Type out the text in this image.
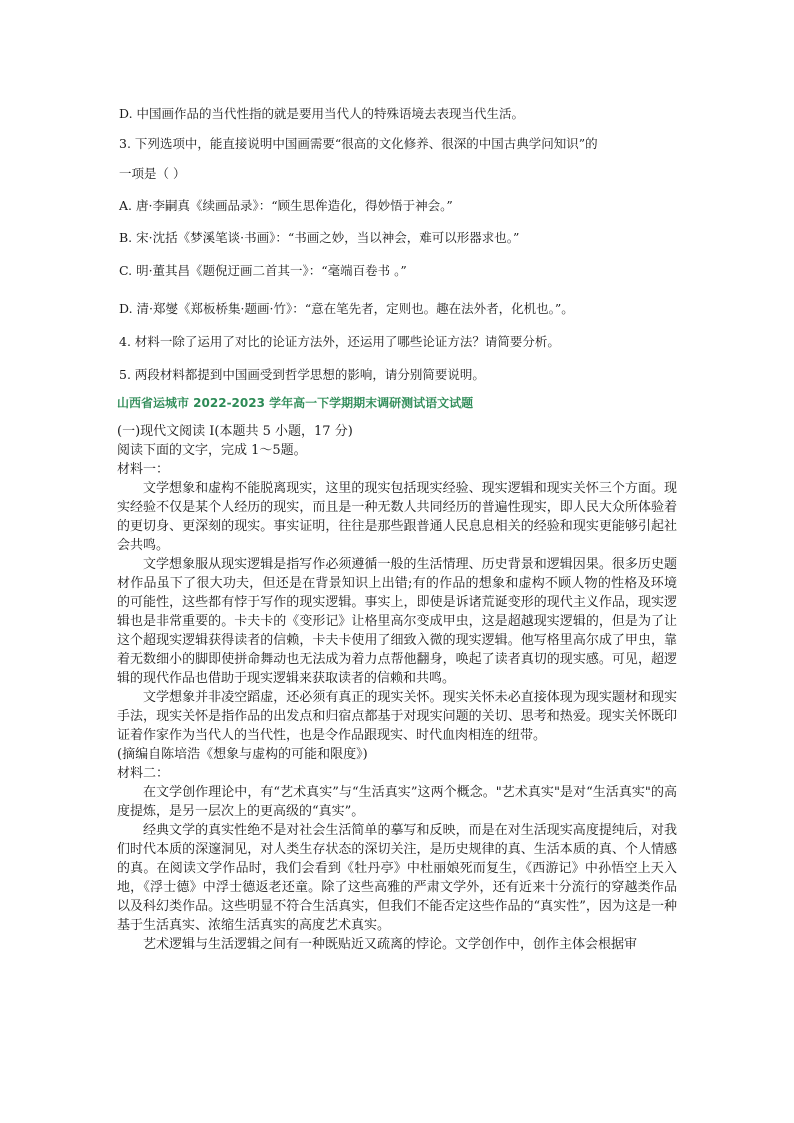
D. 中国画作品的当代性指的就是要用当代人的特殊语境去表现当代生活。

3. 下列选项中，能直接说明中国画需要“很高的文化修养、很深的中国古典学问知识”的

一项是（ ）

A. 唐·李嗣真《续画品录》：“顾生思侔造化，得妙悟于神会。”

B. 宋·沈括《梦溪笔谈·书画》：“书画之妙，当以神会，难可以形器求也。”

C. 明·董其昌《题倪迂画二首其一》：“毫端百卷书 。”

D. 清·郑燮《郑板桥集·题画·竹》：“意在笔先者，定则也。趣在法外者，化机也。”。

4. 材料一除了运用了对比的论证方法外，还运用了哪些论证方法？请简要分析。

5. 两段材料都提到中国画受到哲学思想的影响，请分别简要说明。

山西省运城市 2022-2023 学年高一下学期期末调研测试语文试题

(一)现代文阅读 I(本题共 5 小题，17 分)

阅读下面的文字，完成 1～5题。

材料一：

文学想象和虚构不能脱离现实，这里的现实包括现实经验、现实逻辑和现实关怀三个方面。现实经验不仅是某个人经历的现实，而且是一种无数人共同经历的普遍性现实，即人民大众所体验着的更切身、更深刻的现实。事实证明，往往是那些跟普通人民息息相关的经验和现实更能够引起社会共鸣。

文学想象服从现实逻辑是指写作必须遵循一般的生活情理、历史背景和逻辑因果。很多历史题材作品虽下了很大功夫，但还是在背景知识上出错;有的作品的想象和虚构不顾人物的性格及环境的可能性，这些都有悖于写作的现实逻辑。事实上，即使是诉诸荒诞变形的现代主义作品，现实逻辑也是非常重要的。卡夫卡的《变形记》让格里高尔变成甲虫，这是超越现实逻辑的，但是为了让这个超现实逻辑获得读者的信赖，卡夫卡使用了细致入微的现实逻辑。他写格里高尔成了甲虫，靠着无数细小的脚即使拼命舞动也无法成为着力点帮他翻身，唤起了读者真切的现实感。可见，超逻辑的现代作品也借助于现实逻辑来获取读者的信赖和共鸣。

文学想象并非凌空蹈虚，还必须有真正的现实关怀。现实关怀未必直接体现为现实题材和现实手法，现实关怀是指作品的出发点和归宿点都基于对现实问题的关切、思考和热爱。现实关怀既印证着作家作为当代人的当代性，也是令作品跟现实、时代血肉相连的纽带。

(摘编自陈培浩《想象与虚构的可能和限度》)

材料二：

在文学创作理论中，有“艺术真实”与“生活真实”这两个概念。"艺术真实"是对“生活真实"的高度提炼，是另一层次上的更高级的“真实”。

经典文学的真实性绝不是对社会生活简单的摹写和反映，而是在对生活现实高度提纯后，对我们时代本质的深邃洞见，对人类生存状态的深切关注，是历史规律的真、生活本质的真、个人情感的真。在阅读文学作品时，我们会看到《牡丹亭》中杜丽娘死而复生，《西游记》中孙悟空上天入地，《浮士德》中浮士德返老还童。除了这些高雅的严肃文学外，还有近来十分流行的穿越类作品以及科幻类作品。这些明显不符合生活真实，但我们不能否定这些作品的“真实性”，因为这是一种基于生活真实、浓缩生活真实的高度艺术真实。

艺术逻辑与生活逻辑之间有一种既贴近又疏离的悖论。文学创作中，创作主体会根据审
